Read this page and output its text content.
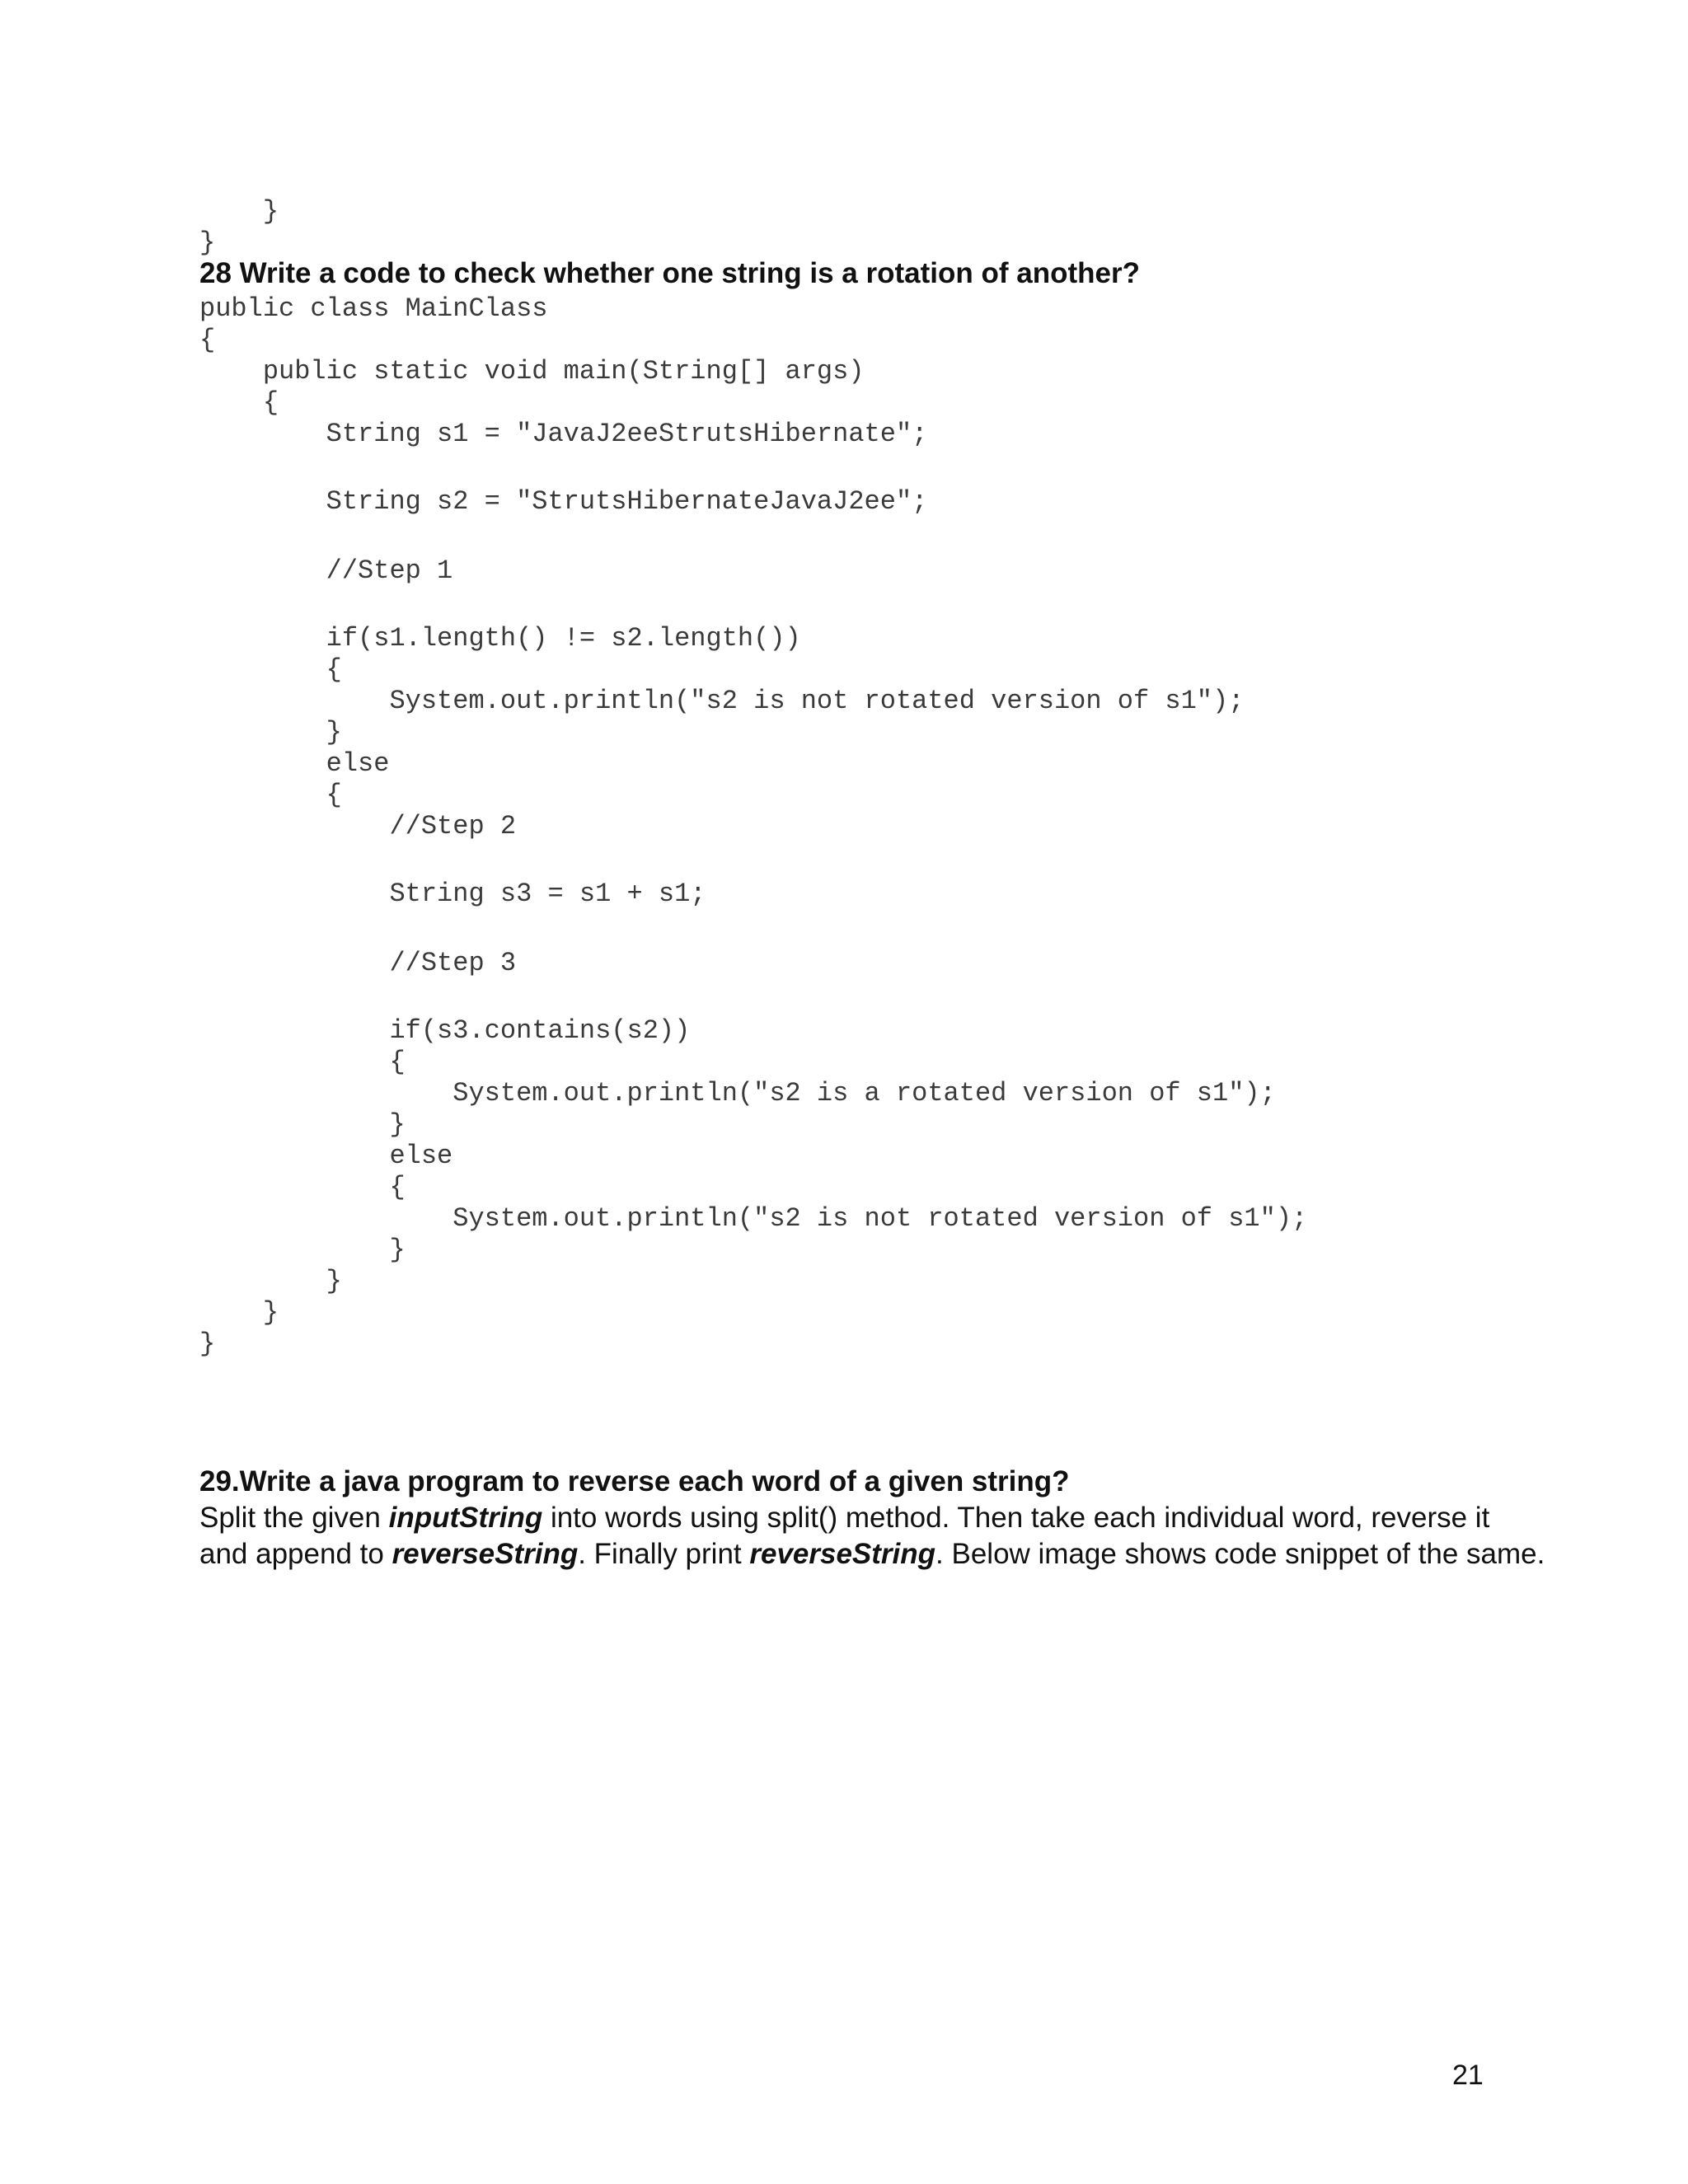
}
}
28 Write a code to check whether one string is a rotation of another?
public class MainClass
{
public static void main(String[] args)
{
String s1 = "JavaJ2eeStrutsHibernate";
String s2 = "StrutsHibernateJavaJ2ee";
//Step 1
if(s1.length() != s2.length())
{
System.out.println("s2 is not rotated version of s1");
}
else
{
//Step 2
String s3 = s1 + s1;
//Step 3
if(s3.contains(s2))
{
System.out.println("s2 is a rotated version of s1");
}
else
{
System.out.println("s2 is not rotated version of s1");
}
}
}
}
29.Write a java program to reverse each word of a given string?
Split the given inputString into words using split() method. Then take each individual word, reverse it
and append to reverseString. Finally print reverseString. Below image shows code snippet of the same.
21
